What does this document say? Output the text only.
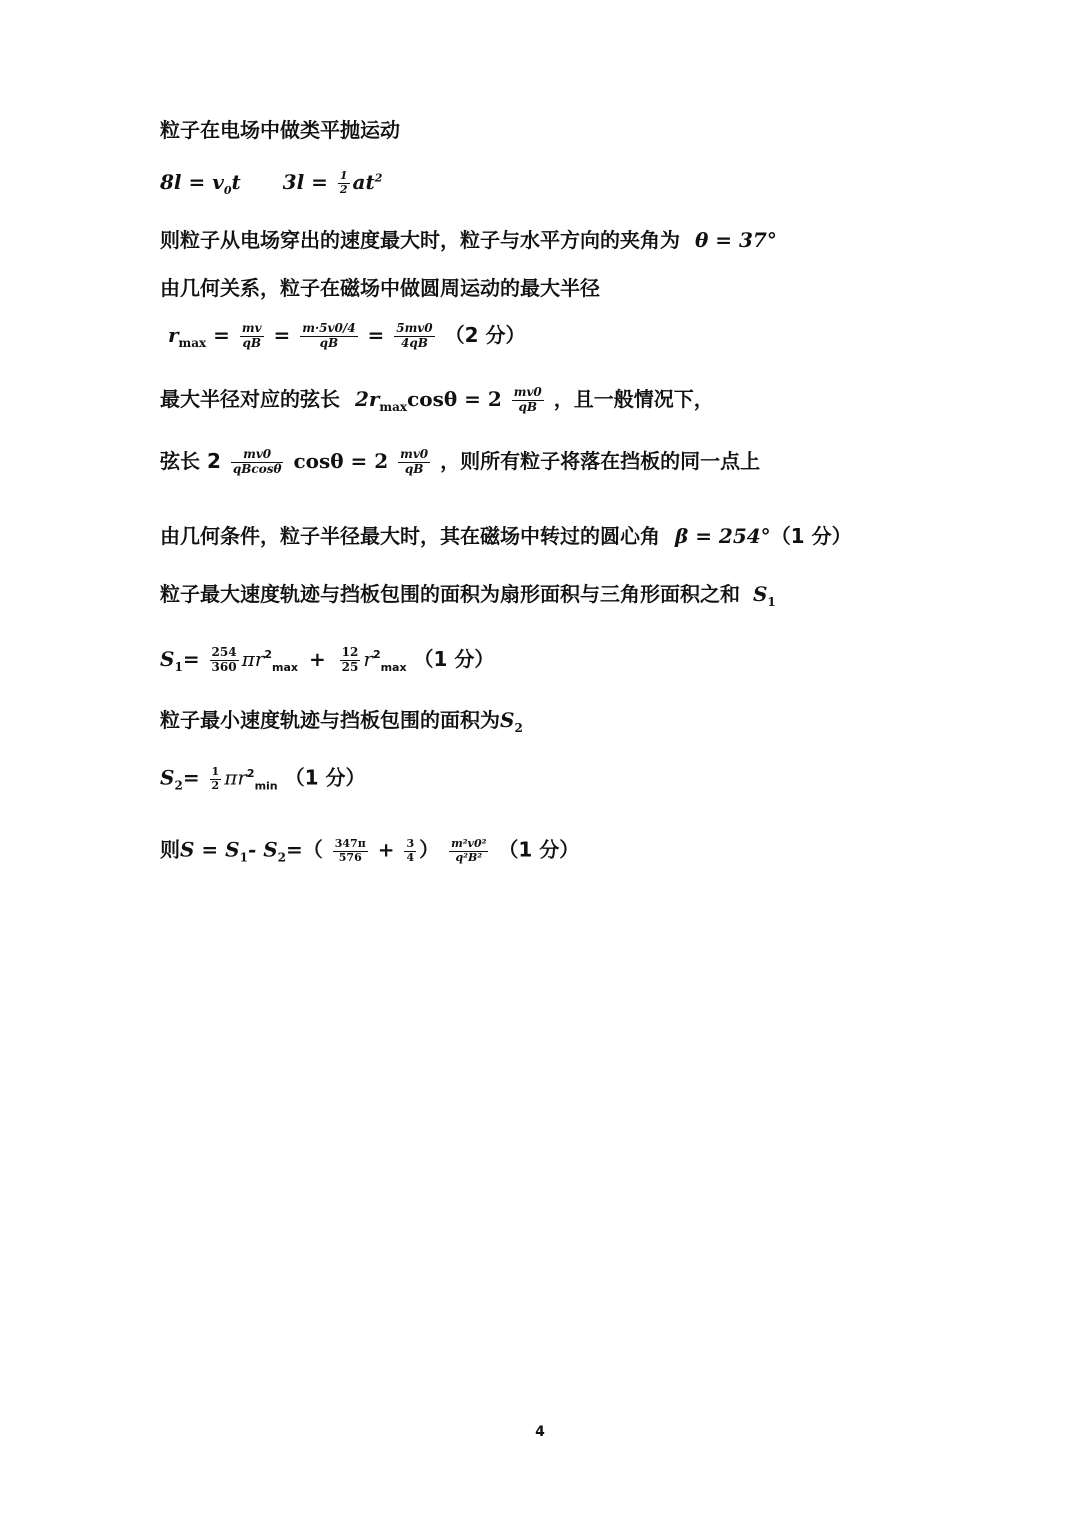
粒子在电场中做类平抛运动
$8l = v_0t$ $3l = \frac{1}{2} at^2$
则粒子从电场穿出的速度最大时，粒子与水平方向的夹角为 θ = 37°
由几何关系，粒子在磁场中做圆周运动的最大半径
$r_{max} = \frac{mv}{qB} = \frac{m\cdot 5v0/4}{qB} = \frac{5mv0}{4qB} (2$ 分）
最大半径对应的弦长 $2r_{max}\cos\theta = 2 \frac{mv0}{qB}$ ，且一般情况下，
弦长 $2 \frac{mv0}{qBcos\theta}$ $\cos\theta = 2 \frac{mv0}{qB}$ ，则所有粒子将落在挡板的同一点上
由几何条件，粒子半径最大时，其在磁场中转过的圆心角 β = 254°（1 分）
粒子最大速度轨迹与挡板包围的面积为扇形面积与三角形面积之和 $S_1$
$S_1= \frac{254}{360} \pi r^2_{max} + \frac{12}{25} r^2_{max}$ （1 分）
粒子最小速度轨迹与挡板包围的面积为$S_2$
$S_2= \frac{1}{2} \pi r^2_{min}$ （1 分）
则$S = S_1-$ $S_2=( \frac{347\pi}{576} + \frac{3}{4}$ ） $\frac{\text{m²v0²}}{\text{q²B²}} (1$ 分）
4
